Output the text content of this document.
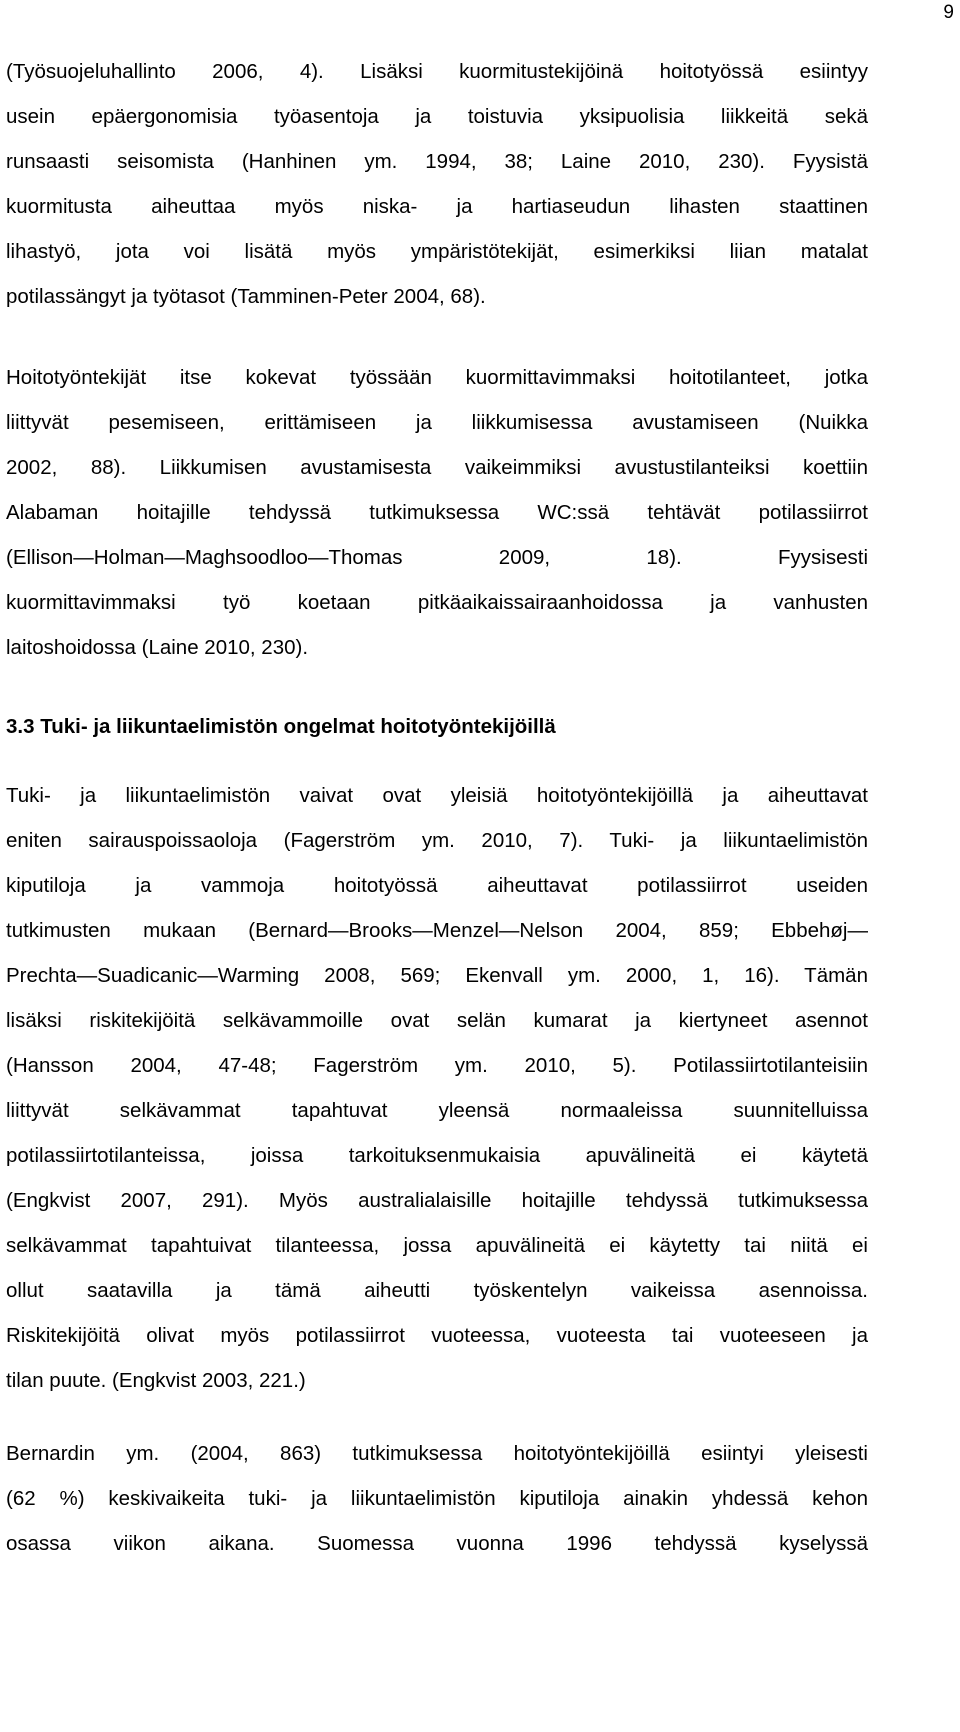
9
(Työsuojeluhallinto 2006, 4). Lisäksi kuormitustekijöinä hoitotyössä esiintyy
usein epäergonomisia työasentoja ja toistuvia yksipuolisia liikkeitä sekä
runsaasti seisomista (Hanhinen ym. 1994, 38; Laine 2010, 230). Fyysistä
kuormitusta aiheuttaa myös niska- ja hartiaseudun lihasten staattinen
lihastyö, jota voi lisätä myös ympäristötekijät, esimerkiksi liian matalat
potilassängyt ja työtasot (Tamminen-Peter 2004, 68).
Hoitotyöntekijät itse kokevat työssään kuormittavimmaksi hoitotilanteet, jotka
liittyvät pesemiseen, erittämiseen ja liikkumisessa avustamiseen (Nuikka
2002, 88). Liikkumisen avustamisesta vaikeimmiksi avustustilanteiksi koettiin
Alabaman hoitajille tehdyssä tutkimuksessa WC:ssä tehtävät potilassiirrot
(Ellison—Holman—Maghsoodloo—Thomas 2009, 18). Fyysisesti
kuormittavimmaksi työ koetaan pitkäaikaissairaanhoidossa ja vanhusten
laitoshoidossa (Laine 2010, 230).
3.3 Tuki- ja liikuntaelimistön ongelmat hoitotyöntekijöillä
Tuki- ja liikuntaelimistön vaivat ovat yleisiä hoitotyöntekijöillä ja aiheuttavat
eniten sairauspoissaoloja (Fagerström ym. 2010, 7). Tuki- ja liikuntaelimistön
kiputiloja ja vammoja hoitotyössä aiheuttavat potilassiirrot useiden
tutkimusten mukaan (Bernard—Brooks—Menzel—Nelson 2004, 859; Ebbehøj—
Prechta—Suadicanic—Warming 2008, 569; Ekenvall ym. 2000, 1, 16). Tämän
lisäksi riskitekijöitä selkävammoille ovat selän kumarat ja kiertyneet asennot
(Hansson 2004, 47-48; Fagerström ym. 2010, 5). Potilassiirtotilanteisiin
liittyvät selkävammat tapahtuvat yleensä normaaleissa suunnitelluissa
potilassiirtotilanteissa, joissa tarkoituksenmukaisia apuvälineitä ei käytetä
(Engkvist 2007, 291). Myös australialaisille hoitajille tehdyssä tutkimuksessa
selkävammat tapahtuivat tilanteessa, jossa apuvälineitä ei käytetty tai niitä ei
ollut saatavilla ja tämä aiheutti työskentelyn vaikeissa asennoissa.
Riskitekijöitä olivat myös potilassiirrot vuoteessa, vuoteesta tai vuoteeseen ja
tilan puute. (Engkvist 2003, 221.)
Bernardin ym. (2004, 863) tutkimuksessa hoitotyöntekijöillä esiintyi yleisesti
(62 %) keskivaikeita tuki- ja liikuntaelimistön kiputiloja ainakin yhdessä kehon
osassa viikon aikana. Suomessa vuonna 1996 tehdyssä kyselyssä
